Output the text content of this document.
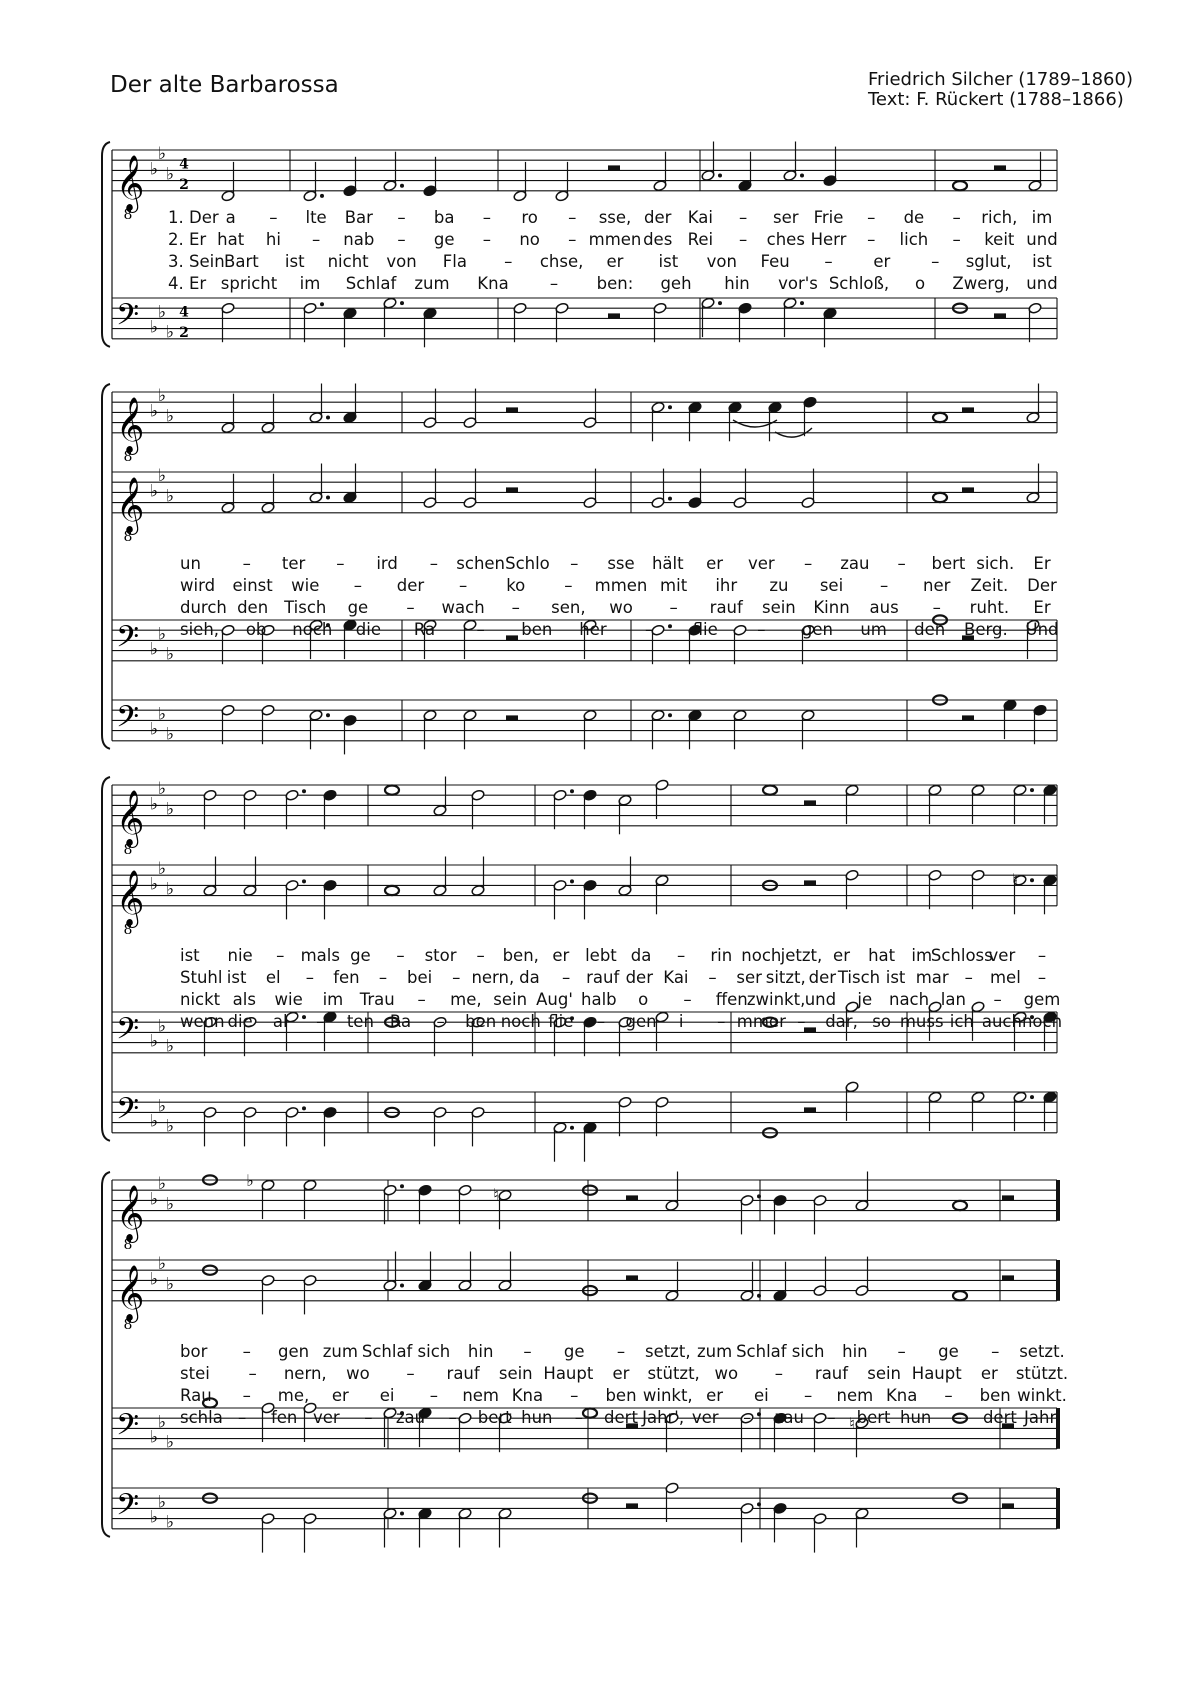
Der alte Barbarossa	Friedrich Silcher (1789–1860)
Text: F. Rückert (1788–1866)
𝄞 ♭
♭
♭
4
2
8
𝄢 ♭
♭
♭
4
2
𝄞 ♭
♭
♭
8
𝄞 ♭
♭
♭
8
𝄢 ♭
♭
♭
𝄢 ♭
♭
♭
𝄞 ♭
♭
♭
8
𝄞 ♭
♭
♭
8
𝄢 ♭
♭
♭
𝄢 ♭
♭
♭
𝄞 ♭
♭
♭
8
𝄞 ♭
♭
♭
8
𝄢 ♭
♭
♭
𝄢 ♭
♭
♭
♮
♭
♮
♮
1. Der a – lte Bar – ba – ro – sse, der Kai – ser Frie – de – rich, im
2. Er hat hi – nab – ge – no – mmen des Rei – ches Herr – lich – keit und
3. Sein Bart ist nicht von Fla – chse, er ist von Feu – er – sglut, ist
4. Er spricht im Schlaf zum Kna – ben: geh hin vor's Schloß, o Zwerg, und
un	– ter – ird – schen Schlo – sse hält er ver – zau – bert sich. Er
wird einst wie – der – ko – mmen mit ihr zu sei – ner Zeit. Der
durch den Tisch ge – wach – sen, wo – rauf sein Kinn aus – ruht. Er
sieh, ob noch die Ra	– ben her – flie – gen um den Berg. Und
ist nie – mals ge – stor – ben, er lebt da – rin noch jetzt, er hat im
Schloss
ver –
Stuhl ist el – fen – bei – nern, da – rauf der Kai – ser sitzt, der Tisch ist mar – mel –
nickt als wie im Trau – me, sein Aug' halb o – ffen zwinkt, und je nach lan – gem
wenn die al – ten Ra – ben noch flie – gen i – mmer – dar, so muss ich auch noch
bor – gen zum Schlaf sich hin – ge – setzt, zum Schlaf sich hin – ge – setzt.
stei – nern, wo – rauf sein Haupt er stützt, wo – rauf sein Haupt er stützt.
Rau – me, er ei – nem Kna – ben winkt, er ei – nem Kna – ben winkt.
schla – fen ver – zau – bert hun – dert Jahr', ver – zau – bert hun – dert Jahr.
